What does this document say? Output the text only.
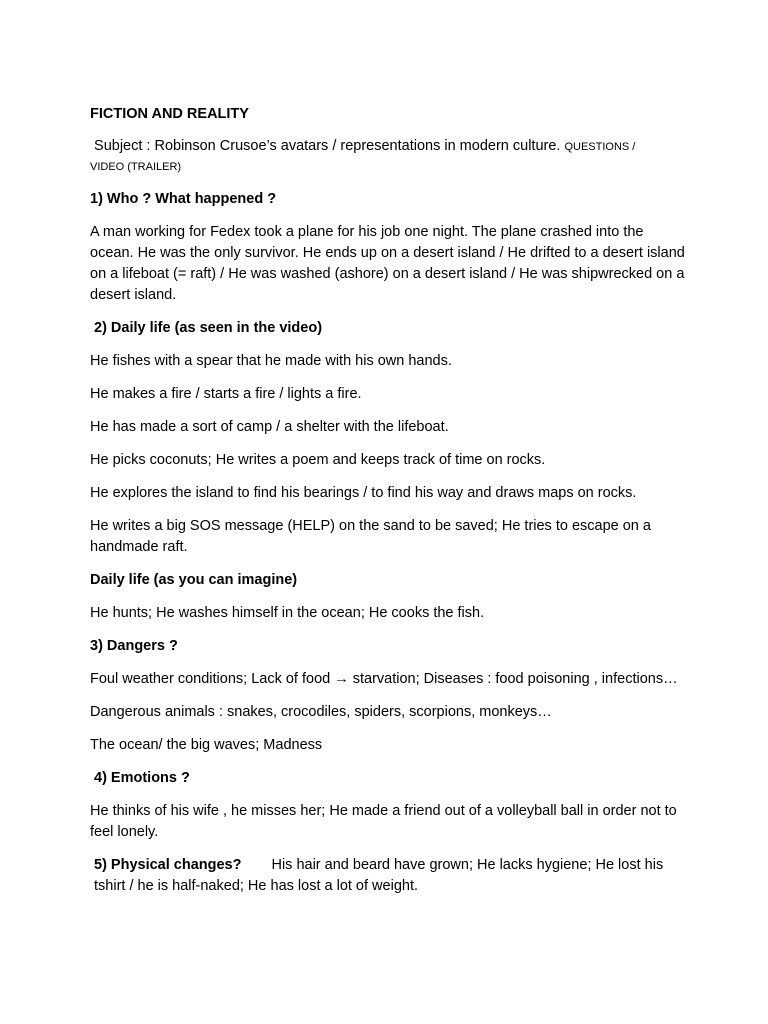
FICTION AND REALITY

Subject : Robinson Crusoe’s avatars / representations in modern culture. QUESTIONS /
VIDEO (TRAILER)

1) Who ? What happened ?

A man working for Fedex took a plane for his job one night. The plane crashed into the ocean. He was the only survivor. He ends up on a desert island / He drifted to a desert island on a lifeboat (= raft) / He was washed (ashore) on a desert island / He was shipwrecked on a desert island.

2) Daily life (as seen in the video)

He fishes with a spear that he made with his own hands.

He makes a fire / starts a fire / lights a fire.

He has made a sort of camp / a shelter with the lifeboat.

He picks coconuts; He writes a poem and keeps track of time on rocks.

He explores the island to find his bearings / to find his way and draws maps on rocks.

He writes a big SOS message (HELP) on the sand to be saved; He tries to escape on a handmade raft.

Daily life (as you can imagine)

He hunts; He washes himself in the ocean; He cooks the fish.

3) Dangers ?

Foul weather conditions; Lack of food → starvation; Diseases : food poisoning , infections…

Dangerous animals : snakes, crocodiles, spiders, scorpions, monkeys…

The ocean/ the big waves; Madness

4) Emotions ?

He thinks of his wife , he misses her; He made a friend out of a volleyball ball in order not to feel lonely.

5) Physical changes? His hair and beard have grown; He lacks hygiene; He lost his tshirt / he is half-naked; He has lost a lot of weight.
